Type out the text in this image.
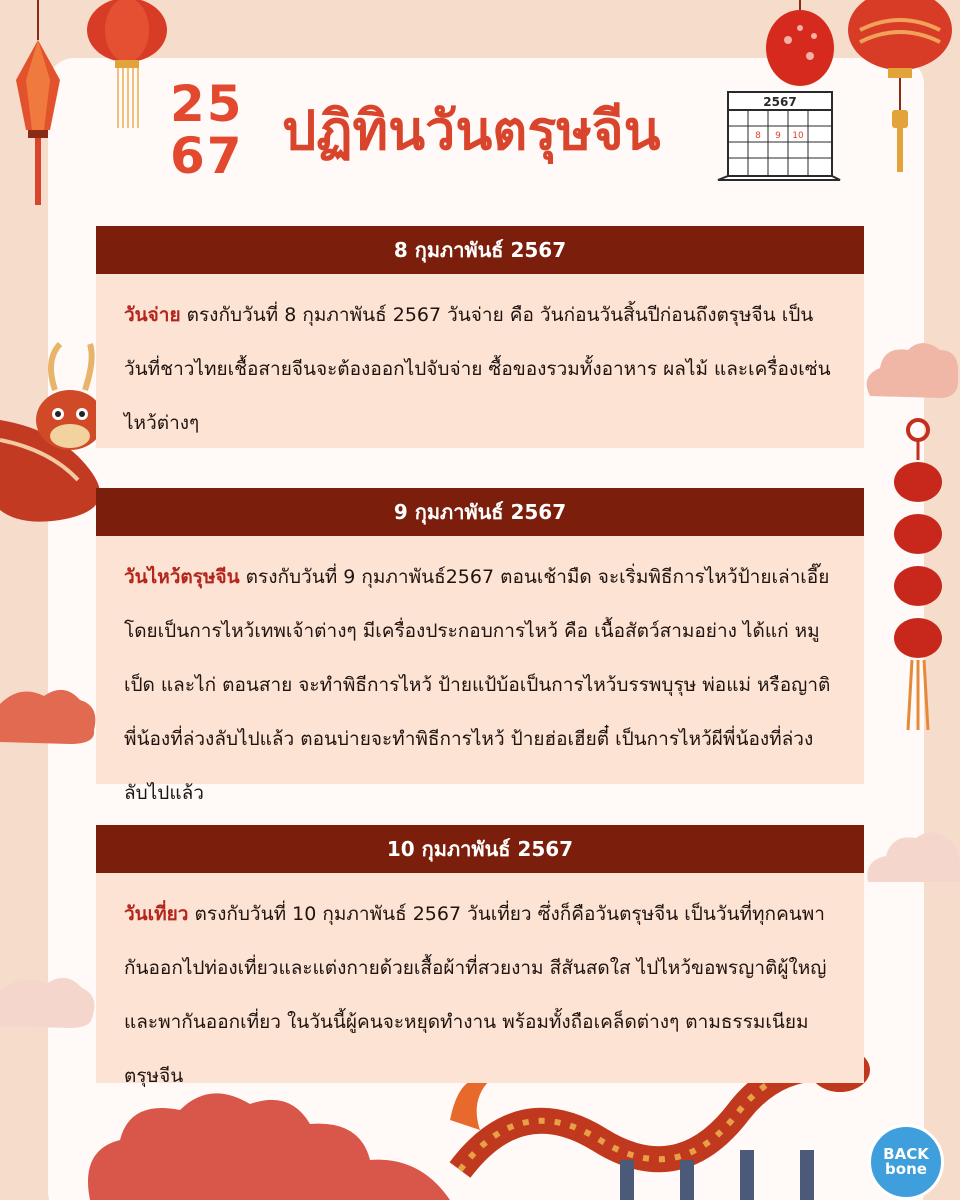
25
67 ปฏิทินวันตรุษจีน	2567
8 9 10
8 กุมภาพันธ์ 2567
วันจ่าย ตรงกับวันที่ 8 กุมภาพันธ์ 2567 วันจ่าย คือ วันก่อนวันสิ้นปีก่อนถึงตรุษจีน เป็นวันที่ชาวไทยเชื้อสายจีนจะต้องออกไปจับจ่าย ซื้อของรวมทั้งอาหาร ผลไม้ และเครื่องเซ่นไหว้ต่างๆ
9 กุมภาพันธ์ 2567
วันไหว้ตรุษจีน ตรงกับวันที่ 9 กุมภาพันธ์2567 ตอนเช้ามืด จะเริ่มพิธีการไหว้ป้ายเล่าเอี๊ย โดยเป็นการไหว้เทพเจ้าต่างๆ มีเครื่องประกอบการไหว้ คือ เนื้อสัตว์สามอย่าง ได้แก่ หมู เป็ด และไก่ ตอนสาย จะทำพิธีการไหว้ ป้ายแป้บ้อเป็นการไหว้บรรพบุรุษ พ่อแม่ หรือญาติพี่น้องที่ล่วงลับไปแล้ว ตอนบ่ายจะทำพิธีการไหว้ ป้ายฮ่อเฮียตี๋ เป็นการไหว้ผีพี่น้องที่ล่วงลับไปแล้ว
10 กุมภาพันธ์ 2567
วันเที่ยว ตรงกับวันที่ 10 กุมภาพันธ์ 2567 วันเที่ยว ซึ่งก็คือวันตรุษจีน เป็นวันที่ทุกคนพากันออกไปท่องเที่ยวและแต่งกายด้วยเสื้อผ้าที่สวยงาม สีสันสดใส ไปไหว้ขอพรญาติผู้ใหญ่ และพากันออกเที่ยว ในวันนี้ผู้คนจะหยุดทำงาน พร้อมทั้งถือเคล็ดต่างๆ ตามธรรมเนียมตรุษจีน
BACK
bone
